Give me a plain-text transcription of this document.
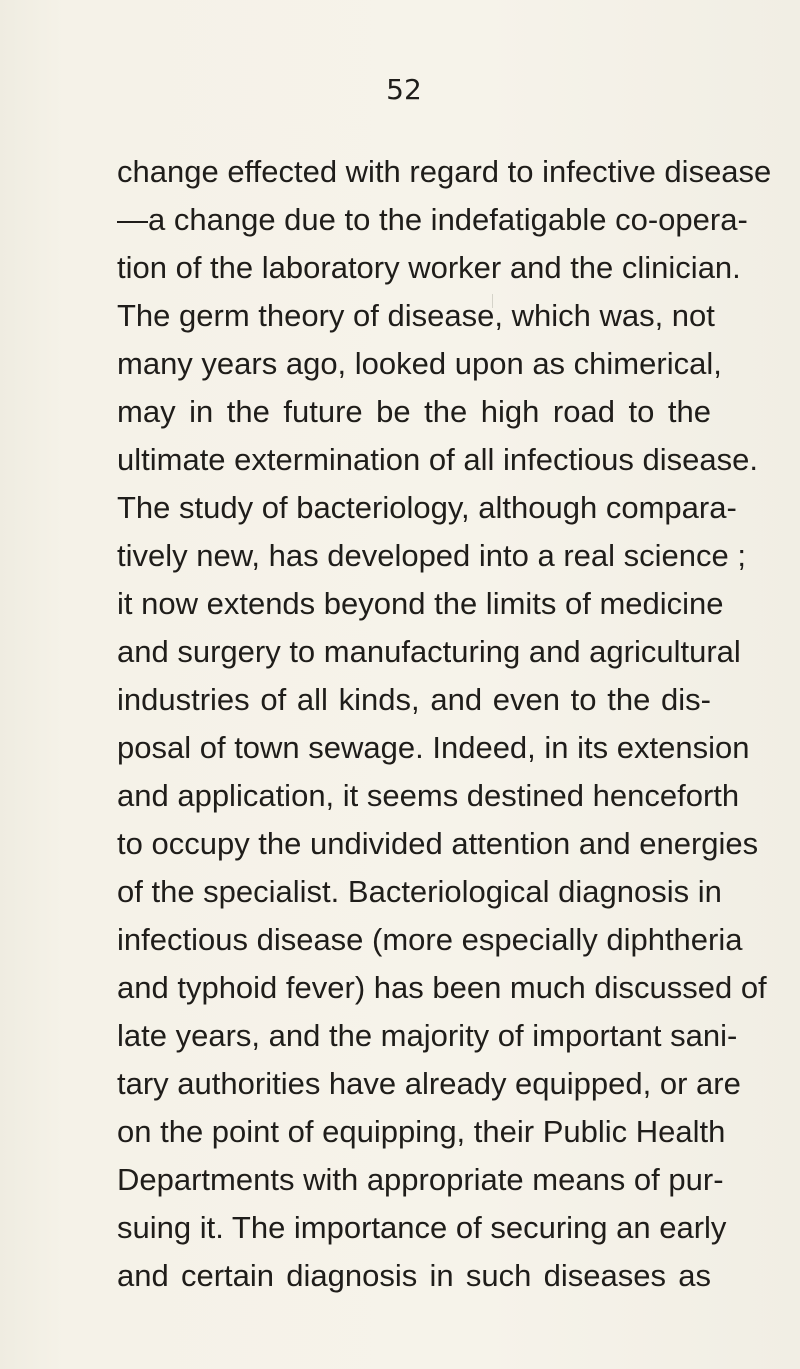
52
change effected with regard to infective disease
—a change due to the indefatigable co-opera-
tion of the laboratory worker and the clinician.
The germ theory of disease, which was, not
many years ago, looked upon as chimerical,
may in the future be the high road to the
ultimate extermination of all infectious disease.
The study of bacteriology, although compara-
tively new, has developed into a real science ;
it now extends beyond the limits of medicine
and surgery to manufacturing and agricultural
industries of all kinds, and even to the dis-
posal of town sewage. Indeed, in its extension
and application, it seems destined henceforth
to occupy the undivided attention and energies
of the specialist. Bacteriological diagnosis in
infectious disease (more especially diphtheria
and typhoid fever) has been much discussed of
late years, and the majority of important sani-
tary authorities have already equipped, or are
on the point of equipping, their Public Health
Departments with appropriate means of pur-
suing it. The importance of securing an early
and certain diagnosis in such diseases as
